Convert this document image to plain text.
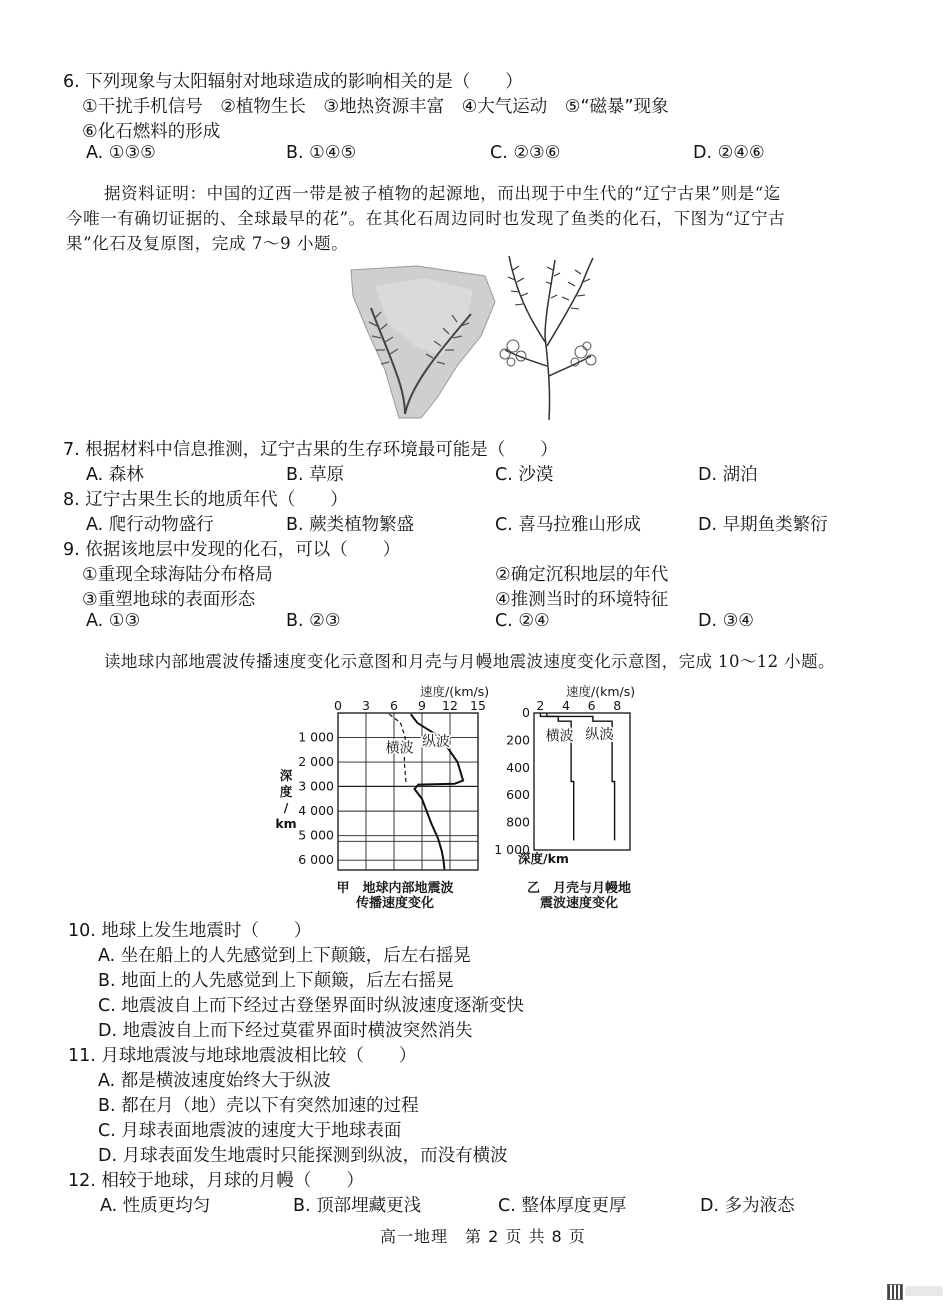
6. 下列现象与太阳辐射对地球造成的影响相关的是（　　）
①干扰手机信号　②植物生长　③地热资源丰富　④大气运动　⑤“磁暴”现象
⑥化石燃料的形成
A. ①③⑤	B. ①④⑤	C. ②③⑥	D. ②④⑥
据资料证明：中国的辽西一带是被子植物的起源地，而出现于中生代的“辽宁古果”则是“迄
今唯一有确切证据的、全球最早的花”。在其化石周边同时也发现了鱼类的化石，下图为“辽宁古
果”化石及复原图，完成 7～9 小题。
7. 根据材料中信息推测，辽宁古果的生存环境最可能是（　　）
A. 森林	B. 草原	C. 沙漠	D. 湖泊
8. 辽宁古果生长的地质年代（　　）
A. 爬行动物盛行	B. 蕨类植物繁盛	C. 喜马拉雅山形成	D. 早期鱼类繁衍
9. 依据该地层中发现的化石，可以（　　）
①重现全球海陆分布格局	②确定沉积地层的年代
③重塑地球的表面形态	④推测当时的环境特征
A. ①③	B. ②③	C. ②④	D. ③④
读地球内部地震波传播速度变化示意图和月壳与月幔地震波速度变化示意图，完成 10～12 小题。
速度/(km/s)
0 3 6 9 12 15
1 000
2 000
3 000
4 000
5 000
6 000
深
度
/
km
横波 纵波
甲　地球内部地震波
传播速度变化
速度/(km/s)
2 4 6 8
0
200
400
600
800
1 000
深度/km
横波 纵波
乙　月壳与月幔地
震波速度变化
10. 地球上发生地震时（　　）
A. 坐在船上的人先感觉到上下颠簸，后左右摇晃
B. 地面上的人先感觉到上下颠簸，后左右摇晃
C. 地震波自上而下经过古登堡界面时纵波速度逐渐变快
D. 地震波自上而下经过莫霍界面时横波突然消失
11. 月球地震波与地球地震波相比较（　　）
A. 都是横波速度始终大于纵波
B. 都在月（地）壳以下有突然加速的过程
C. 月球表面地震波的速度大于地球表面
D. 月球表面发生地震时只能探测到纵波，而没有横波
12. 相较于地球，月球的月幔（　　）
A. 性质更均匀	B. 顶部埋藏更浅	C. 整体厚度更厚	D. 多为液态
高一地理　第 2 页 共 8 页
